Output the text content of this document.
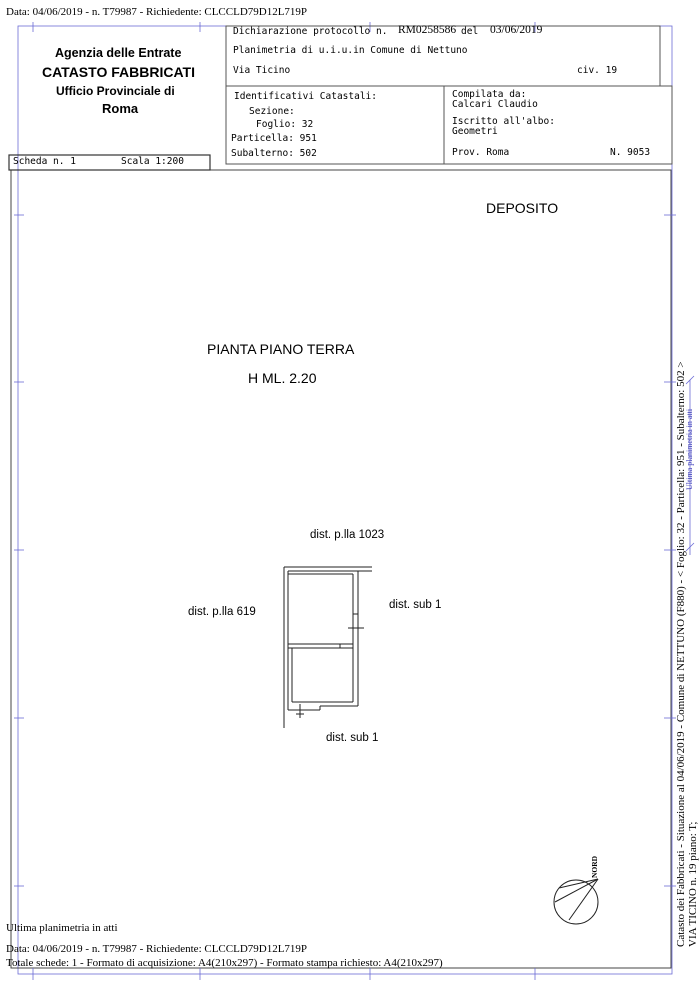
Data: 04/06/2019 - n. T79987 - Richiedente: CLCCLD79D12L719P
Agenzia delle Entrate
CATASTO FABBRICATI
Ufficio Provinciale di
Roma
Dichiarazione protocollo n. RM0258586 del 03/06/2019
Planimetria di u.i.u.in Comune di Nettuno
Via Ticino	civ. 19
Identificativi Catastali:
Sezione:
Foglio: 32
Particella: 951
Subalterno: 502
Compilata da:
Calcari Claudio
Iscritto all'albo:
Geometri
Prov. Roma	N. 9053
Scheda n. 1	Scala 1:200
DEPOSITO
PIANTA PIANO TERRA
H ML. 2.20
dist. p.lla 1023
dist. p.lla 619
dist. sub 1
dist. sub 1
NORD	Catasto dei Fabbricati - Situazione al 04/06/2019 - Comune di NETTUNO (F880) - < Foglio: 32 - Particella: 951 - Subalterno: 502 > VIA TICINO n. 19 piano: T;
Ultima planimetria in atti
Ultima planimetria in atti
Data: 04/06/2019 - n. T79987 - Richiedente: CLCCLD79D12L719P
Totale schede: 1 - Formato di acquisizione: A4(210x297) - Formato stampa richiesto: A4(210x297)
